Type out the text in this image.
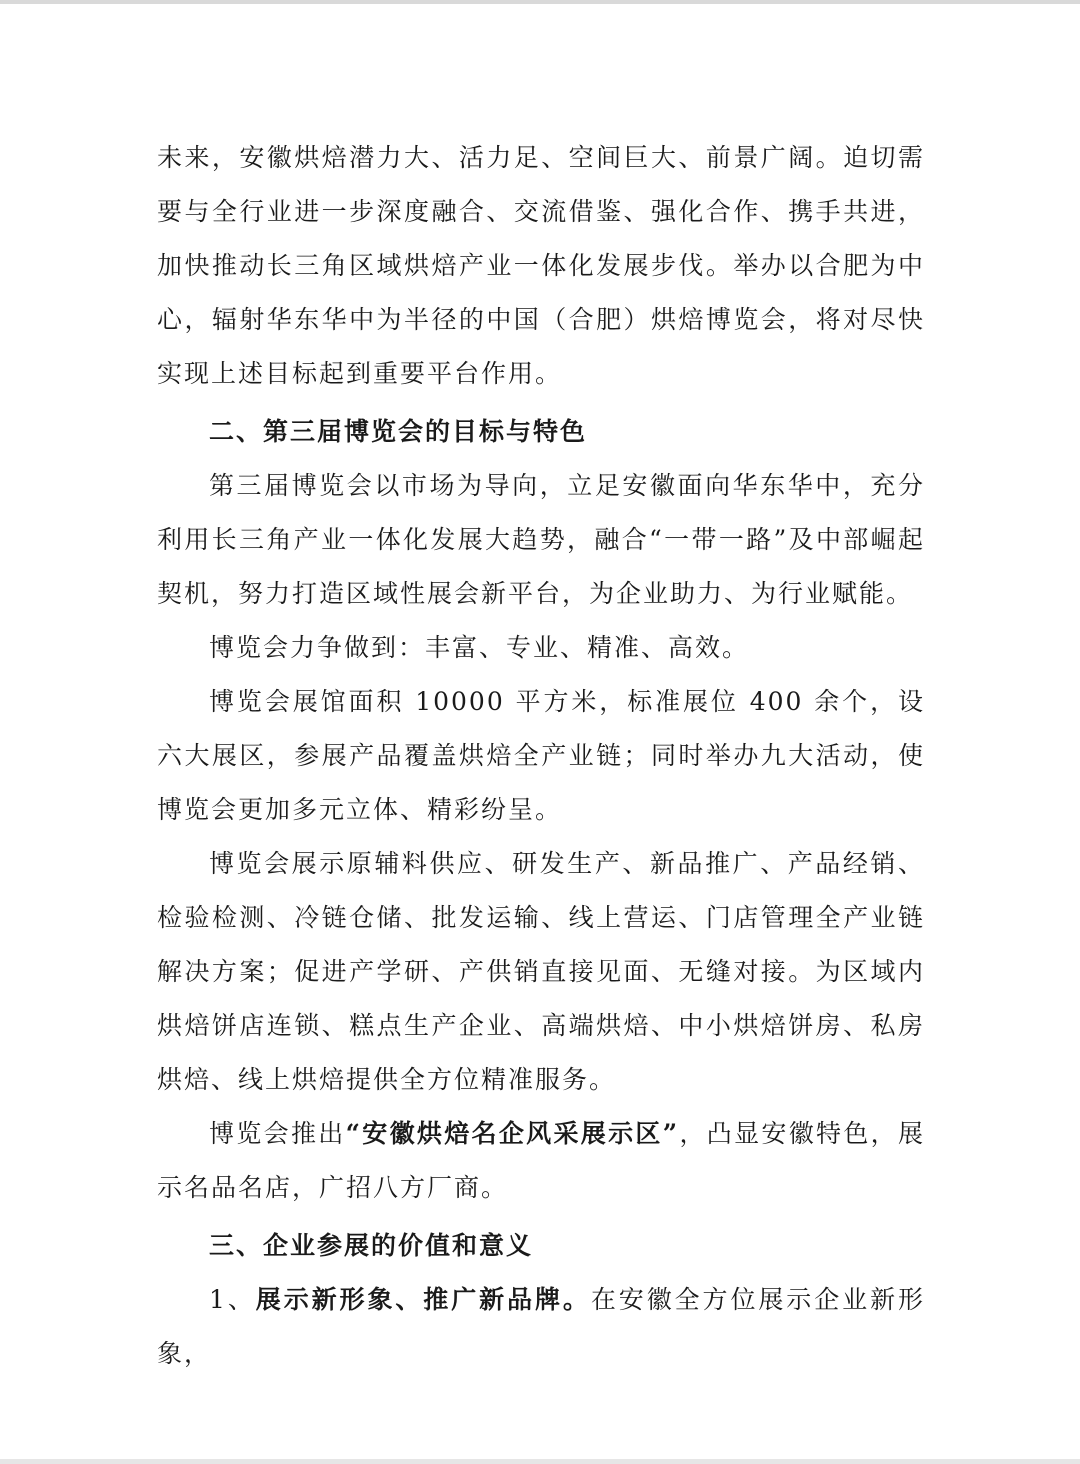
未来，安徽烘焙潜力大、活力足、空间巨大、前景广阔。迫切需要与全行业进一步深度融合、交流借鉴、强化合作、携手共进，加快推动长三角区域烘焙产业一体化发展步伐。举办以合肥为中心，辐射华东华中为半径的中国（合肥）烘焙博览会，将对尽快实现上述目标起到重要平台作用。

二、第三届博览会的目标与特色

第三届博览会以市场为导向，立足安徽面向华东华中，充分利用长三角产业一体化发展大趋势，融合“一带一路”及中部崛起契机，努力打造区域性展会新平台，为企业助力、为行业赋能。

博览会力争做到：丰富、专业、精准、高效。

博览会展馆面积 10000 平方米，标准展位 400 余个，设六大展区，参展产品覆盖烘焙全产业链；同时举办九大活动，使博览会更加多元立体、精彩纷呈。

博览会展示原辅料供应、研发生产、新品推广、产品经销、检验检测、冷链仓储、批发运输、线上营运、门店管理全产业链解决方案；促进产学研、产供销直接见面、无缝对接。为区域内烘焙饼店连锁、糕点生产企业、高端烘焙、中小烘焙饼房、私房烘焙、线上烘焙提供全方位精准服务。

博览会推出“安徽烘焙名企风采展示区”，凸显安徽特色，展示名品名店，广招八方厂商。

三、企业参展的价值和意义

1、展示新形象、推广新品牌。在安徽全方位展示企业新形象，
